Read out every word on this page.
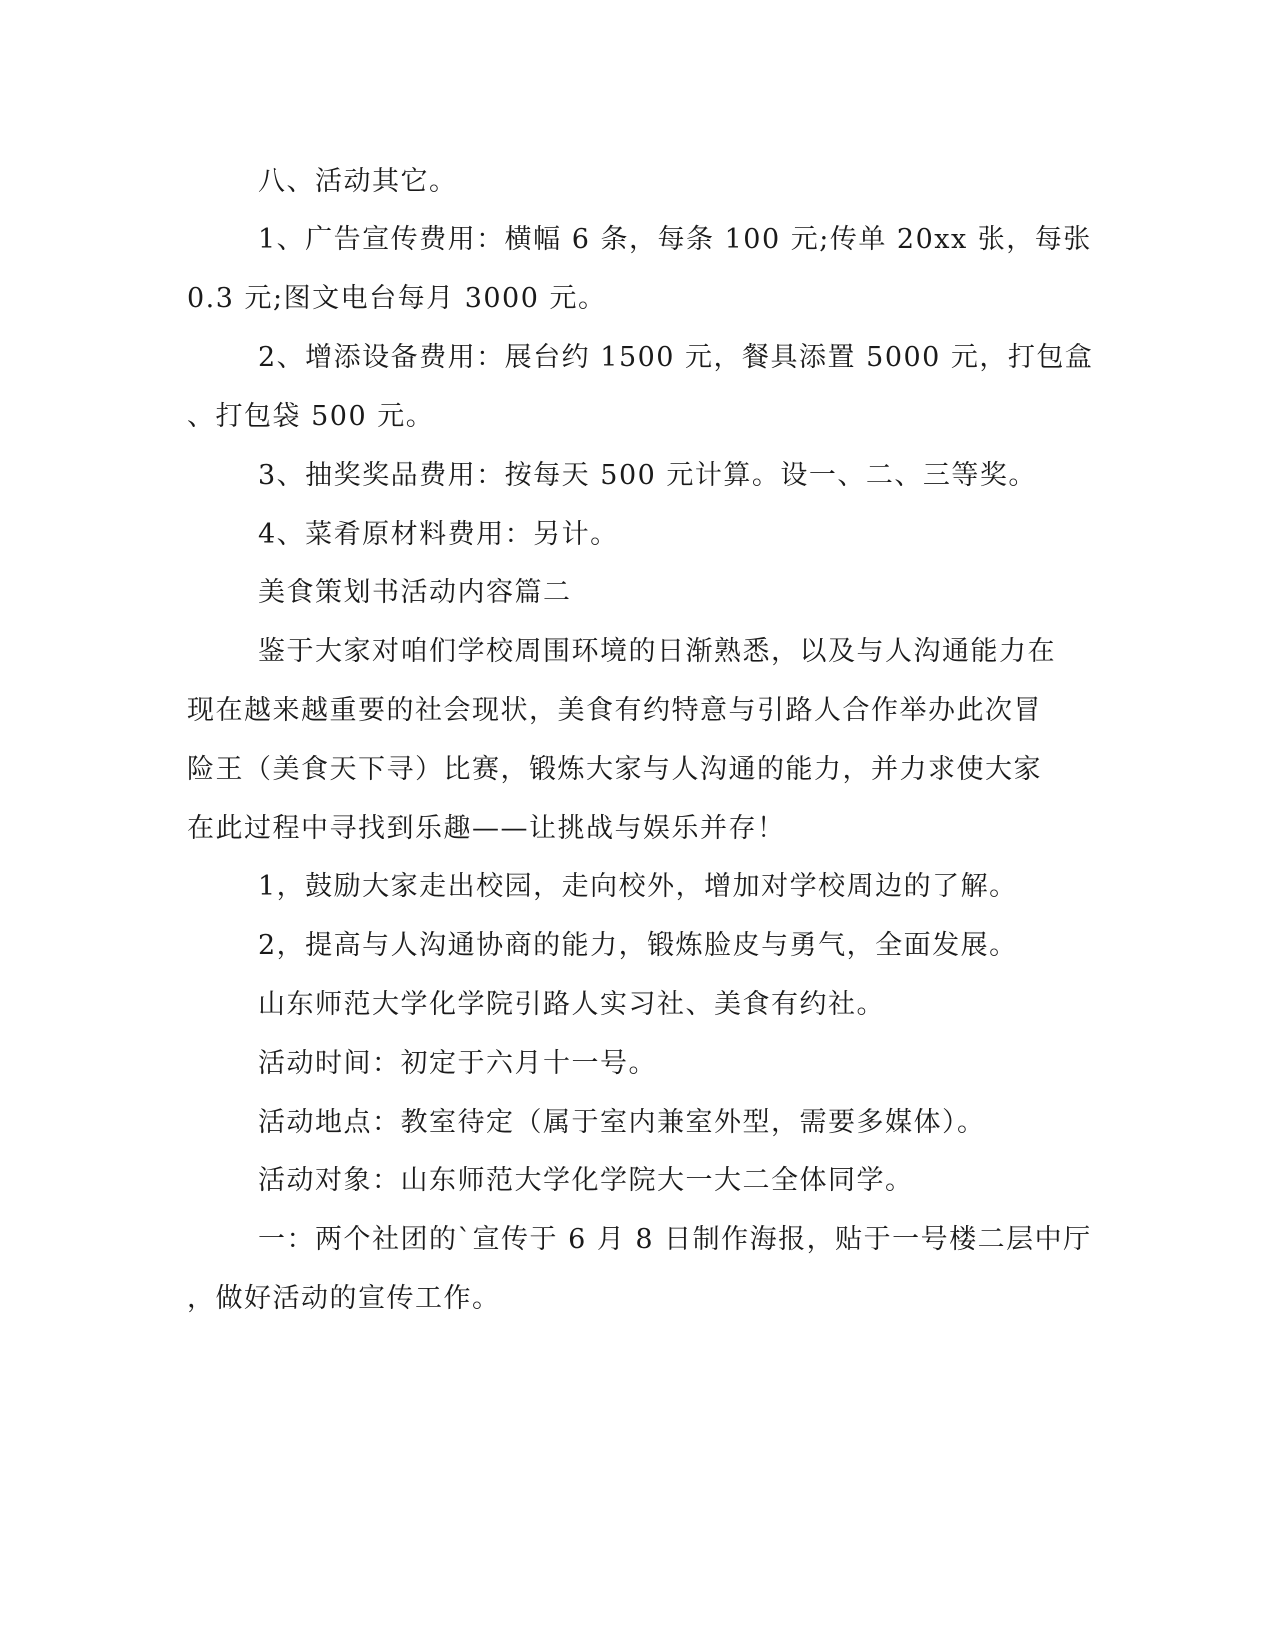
八、活动其它。
1、广告宣传费用：横幅 6 条，每条 100 元;传单 20xx 张，每张
0.3 元;图文电台每月 3000 元。
2、增添设备费用：展台约 1500 元，餐具添置 5000 元，打包盒
、打包袋 500 元。
3、抽奖奖品费用：按每天 500 元计算。设一、二、三等奖。
4、菜肴原材料费用：另计。
美食策划书活动内容篇二
鉴于大家对咱们学校周围环境的日渐熟悉，以及与人沟通能力在
现在越来越重要的社会现状，美食有约特意与引路人合作举办此次冒
险王（美食天下寻）比赛，锻炼大家与人沟通的能力，并力求使大家
在此过程中寻找到乐趣——让挑战与娱乐并存！
1，鼓励大家走出校园，走向校外，增加对学校周边的了解。
2，提高与人沟通协商的能力，锻炼脸皮与勇气，全面发展。
山东师范大学化学院引路人实习社、美食有约社。
活动时间：初定于六月十一号。
活动地点：教室待定（属于室内兼室外型，需要多媒体）。
活动对象：山东师范大学化学院大一大二全体同学。
一：两个社团的`宣传于 6 月 8 日制作海报，贴于一号楼二层中厅
，做好活动的宣传工作。
